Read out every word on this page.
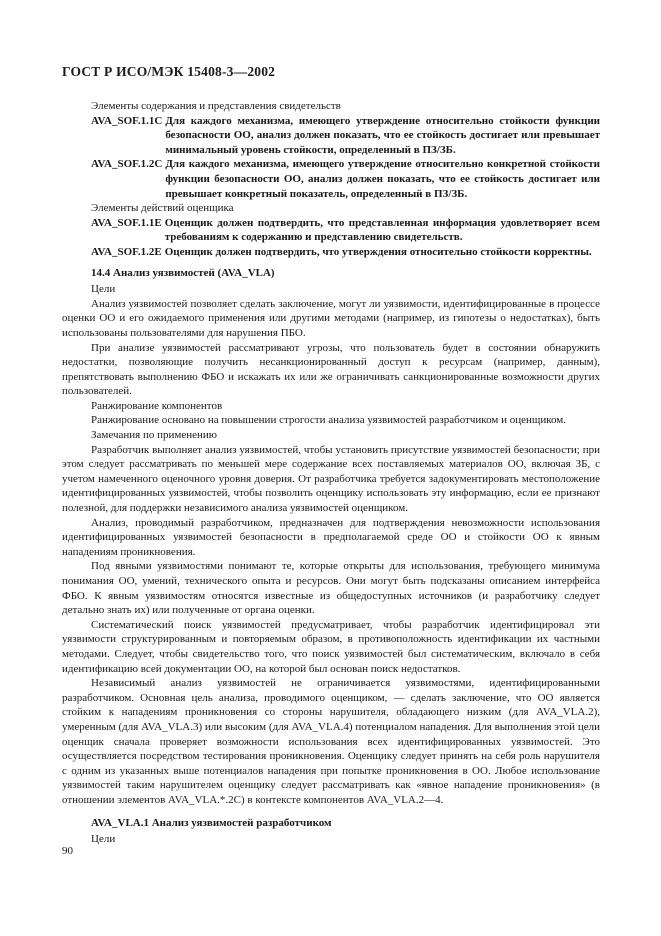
ГОСТ Р ИСО/МЭК 15408-3—2002

Элементы содержания и представления свидетельств

AVA_SOF.1.1C Для каждого механизма, имеющего утверждение относительно стойкости функции безопасности ОО, анализ должен показать, что ее стойкость достигает или превышает минимальный уровень стойкости, определенный в ПЗ/ЗБ.
AVA_SOF.1.2C Для каждого механизма, имеющего утверждение относительно конкретной стойкости функции безопасности ОО, анализ должен показать, что ее стойкость достигает или превышает конкретный показатель, определенный в ПЗ/ЗБ.

Элементы действий оценщика

AVA_SOF.1.1E Оценщик должен подтвердить, что представленная информация удовлетворяет всем требованиям к содержанию и представлению свидетельств.
AVA_SOF.1.2E Оценщик должен подтвердить, что утверждения относительно стойкости корректны.
14.4 Анализ уязвимостей (AVA_VLA)

Цели

Анализ уязвимостей позволяет сделать заключение, могут ли уязвимости, идентифицированные в процессе оценки ОО и его ожидаемого применения или другими методами (например, из гипотезы о недостатках), быть использованы пользователями для нарушения ПБО.

При анализе уязвимостей рассматривают угрозы, что пользователь будет в состоянии обнаружить недостатки, позволяющие получить несанкционированный доступ к ресурсам (например, данным), препятствовать выполнению ФБО и искажать их или же ограничивать санкционированные возможности других пользователей.

Ранжирование компонентов

Ранжирование основано на повышении строгости анализа уязвимостей разработчиком и оценщиком.

Замечания по применению

Разработчик выполняет анализ уязвимостей, чтобы установить присутствие уязвимостей безопасности; при этом следует рассматривать по меньшей мере содержание всех поставляемых материалов ОО, включая ЗБ, с учетом намеченного оценочного уровня доверия. От разработчика требуется задокументировать местоположение идентифицированных уязвимостей, чтобы позволить оценщику использовать эту информацию, если ее признают полезной, для поддержки независимого анализа уязвимостей оценщиком.

Анализ, проводимый разработчиком, предназначен для подтверждения невозможности использования идентифицированных уязвимостей безопасности в предполагаемой среде ОО и стойкости ОО к явным нападениям проникновения.

Под явными уязвимостями понимают те, которые открыты для использования, требующего минимума понимания ОО, умений, технического опыта и ресурсов. Они могут быть подсказаны описанием интерфейса ФБО. К явным уязвимостям относятся известные из общедоступных источников (и разработчику следует детально знать их) или полученные от органа оценки.

Систематический поиск уязвимостей предусматривает, чтобы разработчик идентифицировал эти уязвимости структурированным и повторяемым образом, в противоположность идентификации их частными методами. Следует, чтобы свидетельство того, что поиск уязвимостей был систематическим, включало в себя идентификацию всей документации ОО, на которой был основан поиск недостатков.

Независимый анализ уязвимостей не ограничивается уязвимостями, идентифицированными разработчиком. Основная цель анализа, проводимого оценщиком, — сделать заключение, что ОО является стойким к нападениям проникновения со стороны нарушителя, обладающего низким (для AVA_VLA.2), умеренным (для AVA_VLA.3) или высоким (для AVA_VLA.4) потенциалом нападения. Для выполнения этой цели оценщик сначала проверяет возможности использования всех идентифицированных уязвимостей. Это осуществляется посредством тестирования проникновения. Оценщику следует принять на себя роль нарушителя с одним из указанных выше потенциалов нападения при попытке проникновения в ОО. Любое использование уязвимостей таким нарушителем оценщику следует рассматривать как «явное нападение проникновения» (в отношении элементов AVA_VLA.*.2C) в контексте компонентов AVA_VLA.2—4.

AVA_VLA.1 Анализ уязвимостей разработчиком

Цели

90
